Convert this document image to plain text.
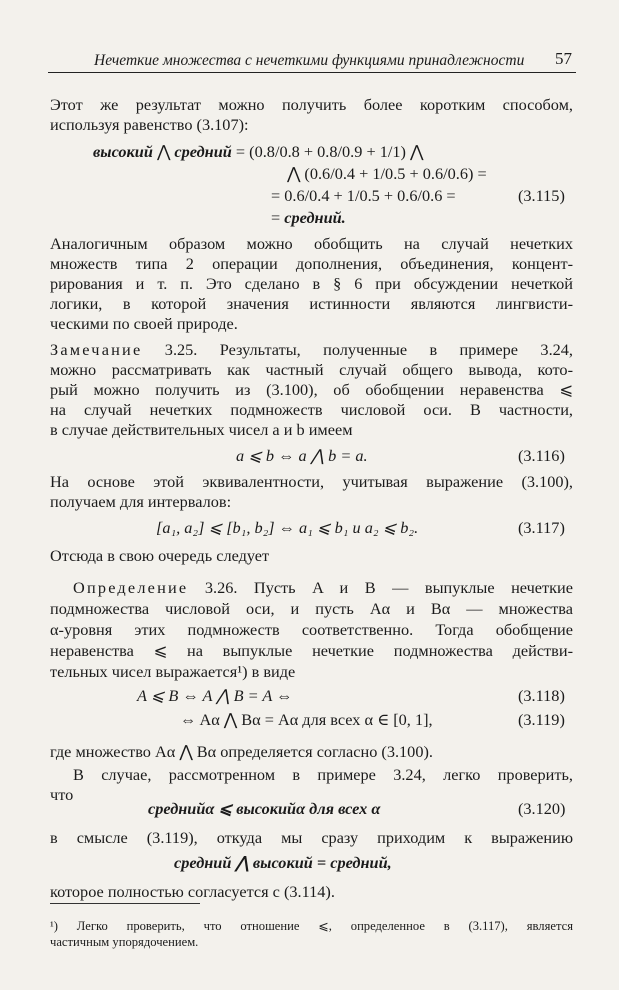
Нечеткие множества с нечеткими функциями принадлежности 57
Этот же результат можно получить более коротким способом,
используя равенство (3.107):
высокий ⋀ средний = (0.8/0.8 + 0.8/0.9 + 1/1) ⋀
⋀ (0.6/0.4 + 1/0.5 + 0.6/0.6) =
= 0.6/0.4 + 1/0.5 + 0.6/0.6 =	(3.115)
= средний.
Аналогичным образом можно обобщить на случай нечетких
множеств типа 2 операции дополнения, объединения, концент-
рирования и т. п. Это сделано в § 6 при обсуждении нечеткой
логики, в которой значения истинности являются лингвисти-
ческими по своей природе.
Замечание 3.25. Результаты, полученные в примере 3.24,
можно рассматривать как частный случай общего вывода, кото-
рый можно получить из (3.100), об обобщении неравенства ⩽
на случай нечетких подмножеств числовой оси. В частности,
в случае действительных чисел a и b имеем
a ⩽ b ⇔ a ⋀ b = a.	(3.116)
На основе этой эквивалентности, учитывая выражение (3.100),
получаем для интервалов:
[a₁, a₂] ⩽ [b₁, b₂] ⇔ a₁ ⩽ b₁ и a₂ ⩽ b₂.	(3.117)
Отсюда в свою очередь следует
Определение 3.26. Пусть A и B — выпуклые нечеткие
подмножества числовой оси, и пусть Aα и Bα — множества
α-уровня этих подмножеств соответственно. Тогда обобщение
неравенства ⩽ на выпуклые нечеткие подмножества действи-
тельных чисел выражается¹) в виде
A ⩽ B ⇔ A ⋀ B = A ⇔	(3.118)
⇔ Aα ⋀ Bα = Aα для всех α ∈ [0, 1],	(3.119)
где множество Aα ⋀ Bα определяется согласно (3.100).
В случае, рассмотренном в примере 3.24, легко проверить,
что
среднийα ⩽ высокийα для всех α	(3.120)
в смысле (3.119), откуда мы сразу приходим к выражению
средний ⋀ высокий = средний,
которое полностью согласуется с (3.114).
¹) Легко проверить, что отношение ⩽, определенное в (3.117), является
частичным упорядочением.
